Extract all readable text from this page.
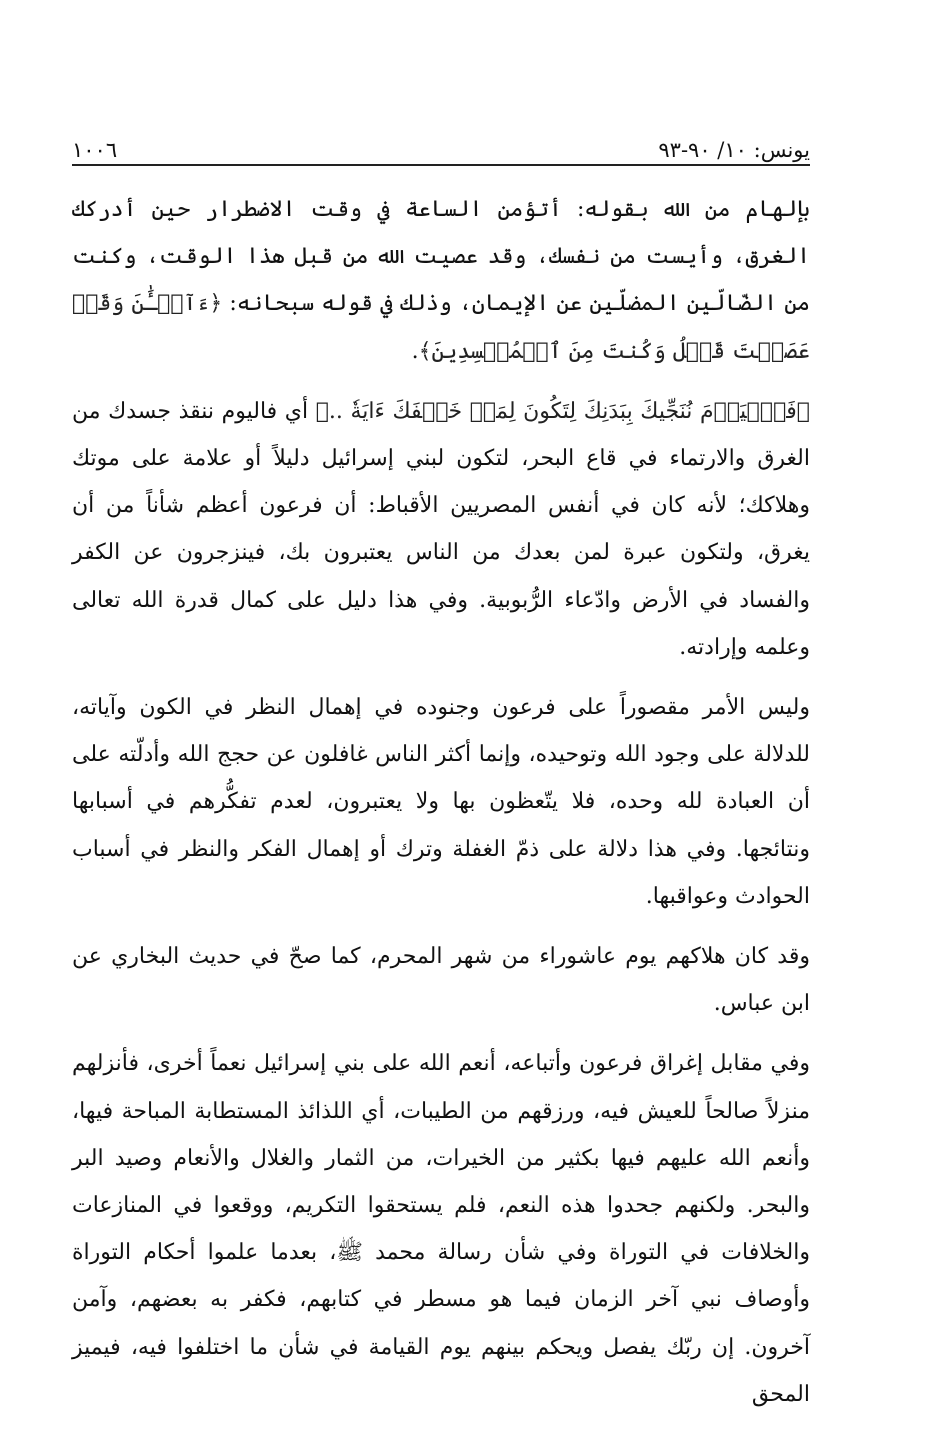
يونس: ١٠/ ٩٠-٩٣
١٠٠٦

بإلهام من الله بقوله: أتؤمن الساعة في وقت الاضطرار حين أدركك الغرق، وأيست من نفسك، وقد عصيت الله من قبل هذا الوقت، وكنت من الضّالّين المضلّين عن الإيمان، وذلك في قوله سبحانه: ﴿ءَآلۡـَٰٔنَ وَقَدۡ عَصَيۡتَ قَبۡلُ وَكُنتَ مِنَ ٱلۡمُفۡسِدِينَ﴾.

﴿فَٱلۡيَوۡمَ نُنَجِّيكَ بِبَدَنِكَ لِتَكُونَ لِمَنۡ خَلۡفَكَ ءَايَةٗ ..﴾ أي فاليوم ننقذ جسدك من الغرق والارتماء في قاع البحر، لتكون لبني إسرائيل دليلاً أو علامة على موتك وهلاكك؛ لأنه كان في أنفس المصريين الأقباط: أن فرعون أعظم شأناً من أن يغرق، ولتكون عبرة لمن بعدك من الناس يعتبرون بك، فينزجرون عن الكفر والفساد في الأرض وادّعاء الرُّبوبية. وفي هذا دليل على كمال قدرة الله تعالى وعلمه وإرادته.

وليس الأمر مقصوراً على فرعون وجنوده في إهمال النظر في الكون وآياته، للدلالة على وجود الله وتوحيده، وإنما أكثر الناس غافلون عن حجج الله وأدلّته على أن العبادة لله وحده، فلا يتّعظون بها ولا يعتبرون، لعدم تفكُّرهم في أسبابها ونتائجها. وفي هذا دلالة على ذمّ الغفلة وترك أو إهمال الفكر والنظر في أسباب الحوادث وعواقبها.

وقد كان هلاكهم يوم عاشوراء من شهر المحرم، كما صحّ في حديث البخاري عن ابن عباس.

وفي مقابل إغراق فرعون وأتباعه، أنعم الله على بني إسرائيل نعماً أخرى، فأنزلهم منزلاً صالحاً للعيش فيه، ورزقهم من الطيبات، أي اللذائذ المستطابة المباحة فيها، وأنعم الله عليهم فيها بكثير من الخيرات، من الثمار والغلال والأنعام وصيد البر والبحر. ولكنهم جحدوا هذه النعم، فلم يستحقوا التكريم، ووقعوا في المنازعات والخلافات في التوراة وفي شأن رسالة محمد ﷺ، بعدما علموا أحكام التوراة وأوصاف نبي آخر الزمان فيما هو مسطر في كتابهم، فكفر به بعضهم، وآمن آخرون. إن ربّك يفصل ويحكم بينهم يوم القيامة في شأن ما اختلفوا فيه، فيميز المحق
